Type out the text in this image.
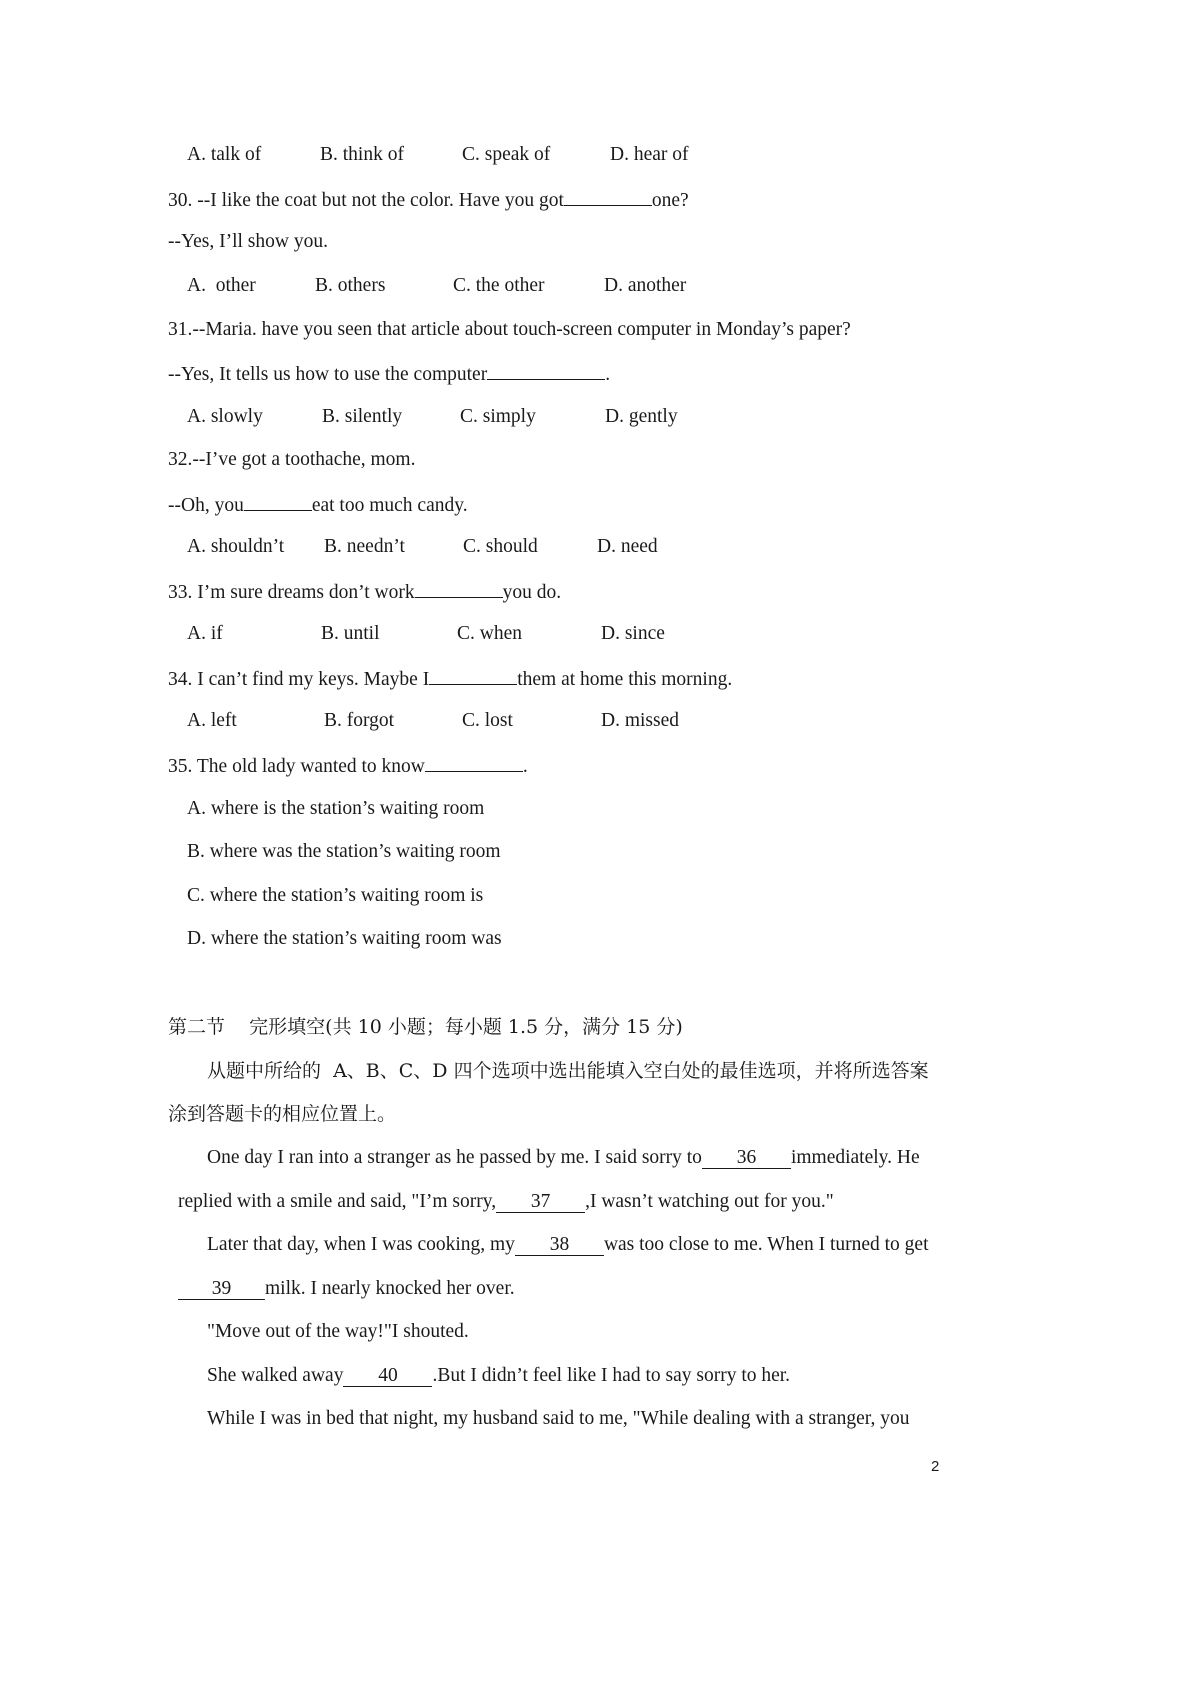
A. talk of

	B. think of

	C. speak of

	D. hear of

30. --I like the coat but not the color. Have you got	one?
--Yes, I’ll show you.

A.  other

	B. others

	C. the other

	D. another

31.--Maria. have you seen that article about touch-screen computer in Monday’s paper?
--Yes, It tells us how to use the computer	.

A. slowly

	B. silently

	C. simply

	D. gently

32.--I’ve got a toothache, mom.
--Oh, you	eat too much candy.

A. shouldn’t

B. needn’t

	C. should

	D. need

33. I’m sure dreams don’t work	you do.

A. if

	B. until

	C. when

	D. since

34. I can’t find my keys. Maybe I	them at home this morning.

A. left

	B. forgot

	C. lost

	D. missed

35. The old lady wanted to know	.
A. where is the station’s waiting room
B. where was the station’s waiting room
C. where the station’s waiting room is
D. where the station’s waiting room was
第二节    完形填空(共 10 小题；每小题 1.5 分，满分 15 分)
从题中所给的  A、B、C、D 四个选项中选出能填入空白处的最佳选项，并将所选答案
涂到答题卡的相应位置上。
One day I ran into a stranger as he passed by me. I said sorry to 36 immediately. He
replied with a smile and said, "I’m sorry, 37 ,I wasn’t watching out for you."
Later that day, when I was cooking, my 38 was too close to me. When I turned to get
39 milk. I nearly knocked her over.
"Move out of the way!"I shouted.
She walked away 40 .But I didn’t feel like I had to say sorry to her.
While I was in bed that night, my husband said to me, "While dealing with a stranger, you
2
